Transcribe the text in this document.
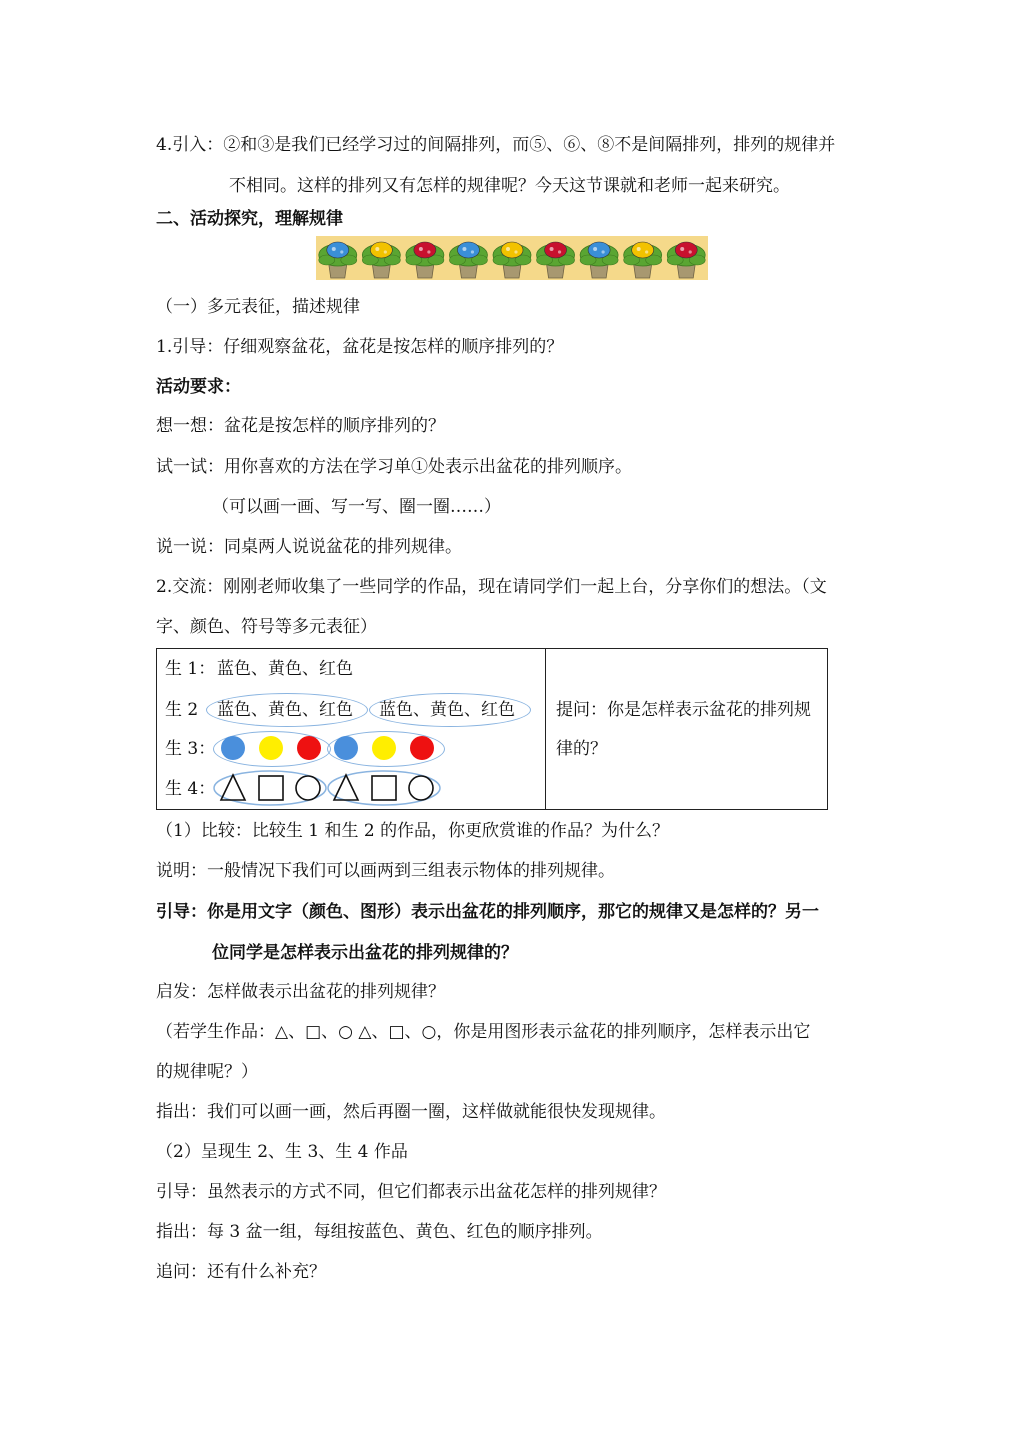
4.引入：②和③是我们已经学习过的间隔排列，而⑤、⑥、⑧不是间隔排列，排列的规律并
不相同。这样的排列又有怎样的规律呢？今天这节课就和老师一起来研究。
二、活动探究，理解规律
（一）多元表征，描述规律
1.引导：仔细观察盆花，盆花是按怎样的顺序排列的？
活动要求：
想一想：盆花是按怎样的顺序排列的？
试一试：用你喜欢的方法在学习单①处表示出盆花的排列顺序。
（可以画一画、写一写、圈一圈……）
说一说：同桌两人说说盆花的排列规律。
2.交流：刚刚老师收集了一些同学的作品，现在请同学们一起上台，分享你们的想法。（文
字、颜色、符号等多元表征）
生 1： 蓝色、黄色、红色
生 2 蓝色、黄色、红色 蓝色、黄色、红色
生 3：
生 4：

提问：你是怎样表示盆花的排列规
律的？
（1）比较：比较生 1 和生 2 的作品，你更欣赏谁的作品？为什么？
说明：一般情况下我们可以画两到三组表示物体的排列规律。
引导：你是用文字（颜色、图形）表示出盆花的排列顺序，那它的规律又是怎样的？另一
位同学是怎样表示出盆花的排列规律的？
启发：怎样做表示出盆花的排列规律？
（若学生作品：△、□、○ △、□、○，你是用图形表示盆花的排列顺序，怎样表示出它
的规律呢？）
指出：我们可以画一画，然后再圈一圈，这样做就能很快发现规律。
（2）呈现生 2、生 3、生 4 作品
引导：虽然表示的方式不同，但它们都表示出盆花怎样的排列规律？
指出：每 3 盆一组，每组按蓝色、黄色、红色的顺序排列。
追问：还有什么补充？
